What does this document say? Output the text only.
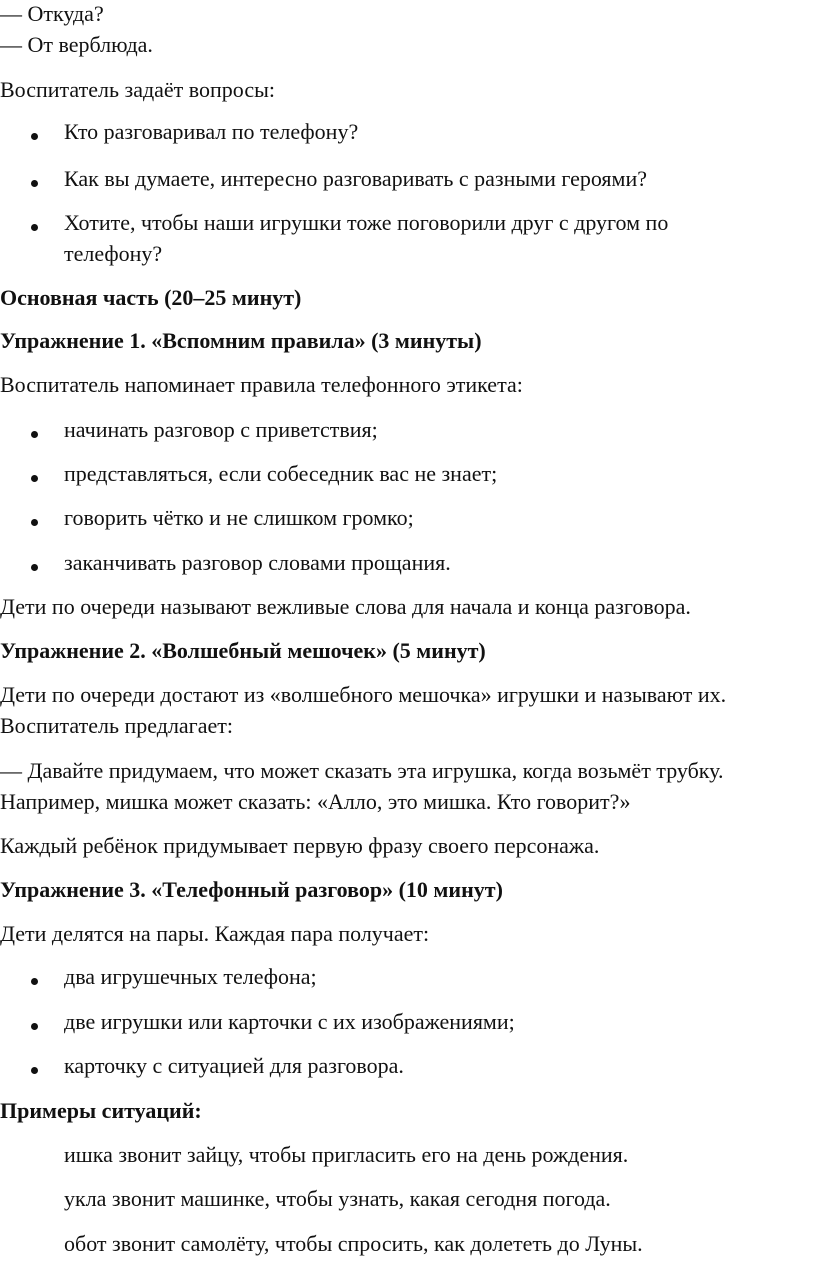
— Откуда?
— От верблюда.
Воспитатель задаёт вопросы:
Кто разговаривал по телефону?
Как вы думаете, интересно разговаривать с разными героями?
Хотите, чтобы наши игрушки тоже поговорили друг с другом по
телефону?
Основная часть (20–25 минут)
Упражнение 1. «Вспомним правила» (3 минуты)
Воспитатель напоминает правила телефонного этикета:
начинать разговор с приветствия;
представляться, если собеседник вас не знает;
говорить чётко и не слишком громко;
заканчивать разговор словами прощания.
Дети по очереди называют вежливые слова для начала и конца разговора.
Упражнение 2. «Волшебный мешочек» (5 минут)
Дети по очереди достают из «волшебного мешочка» игрушки и называют их.
Воспитатель предлагает:
— Давайте придумаем, что может сказать эта игрушка, когда возьмёт трубку.
Например, мишка может сказать: «Алло, это мишка. Кто говорит?»
Каждый ребёнок придумывает первую фразу своего персонажа.
Упражнение 3. «Телефонный разговор» (10 минут)
Дети делятся на пары. Каждая пара получает:
два игрушечных телефона;
две игрушки или карточки с их изображениями;
карточку с ситуацией для разговора.
Примеры ситуаций:
ишка звонит зайцу, чтобы пригласить его на день рождения.
укла звонит машинке, чтобы узнать, какая сегодня погода.
обот звонит самолёту, чтобы спросить, как долететь до Луны.
